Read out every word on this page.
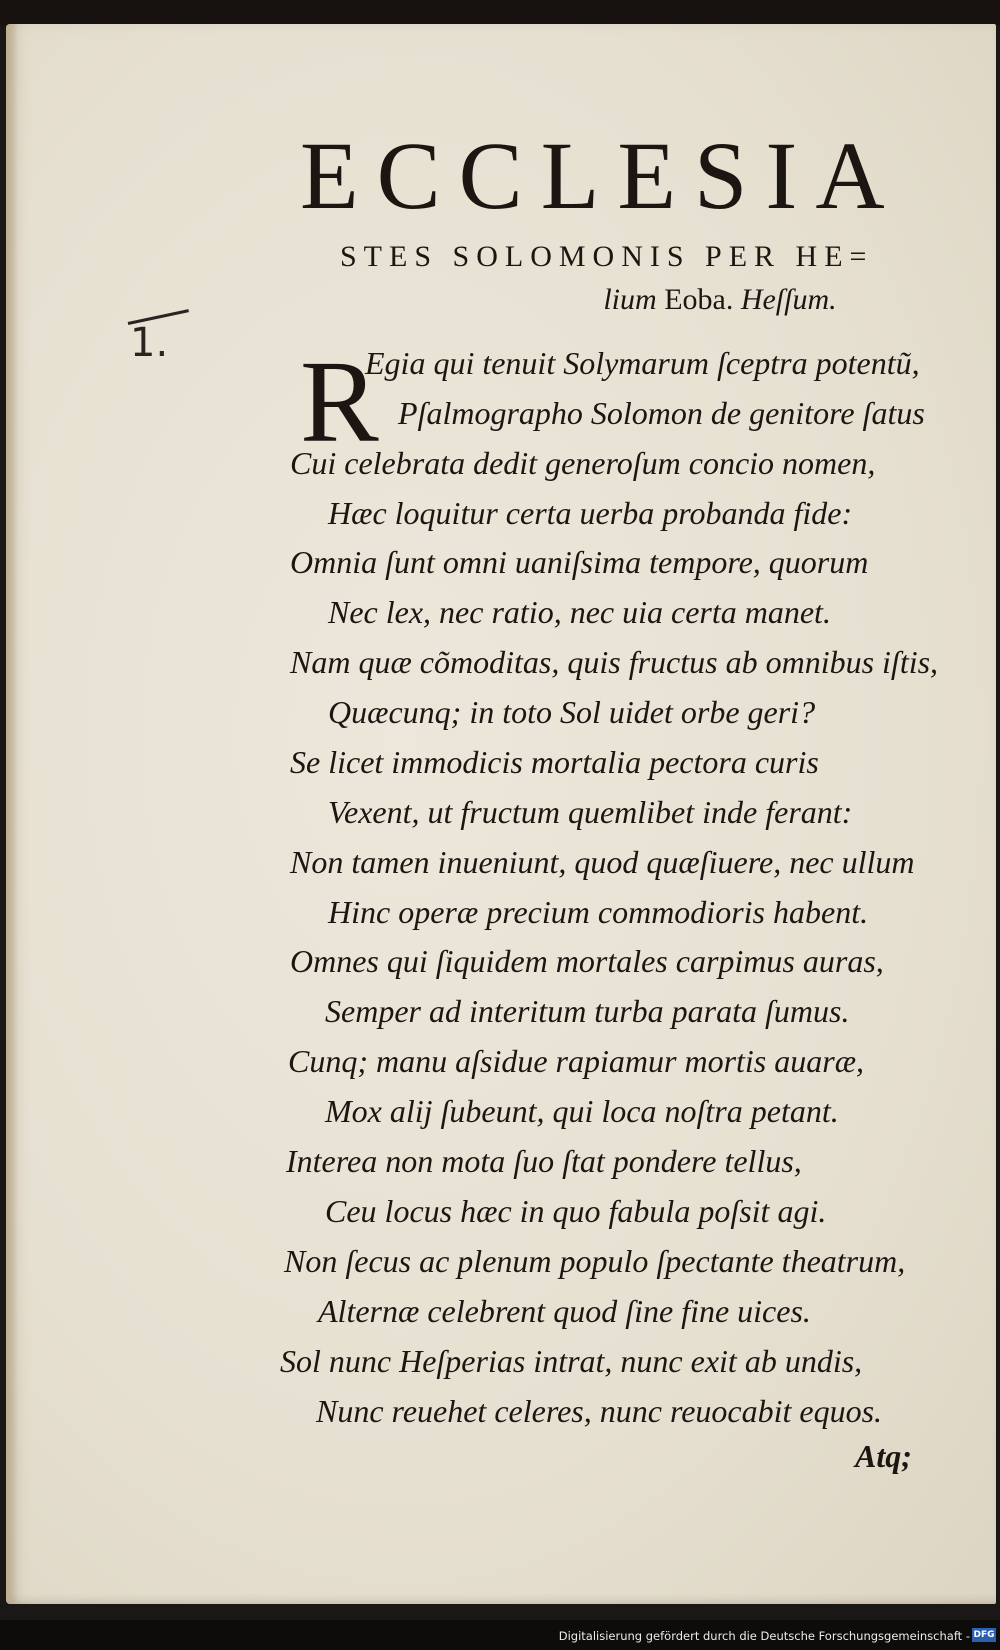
ECCLESIA
STES SOLOMONIS PER HE=
lium Eoba. Heſſum.
1. R
Egia qui tenuit Solymarum ſceptra potentũ,
Pſalmographo Solomon de genitore ſatus
Cui celebrata dedit generoſum concio nomen,
Hæc loquitur certa uerba probanda fide:
Omnia ſunt omni uaniſsima tempore, quorum
Nec lex, nec ratio, nec uia certa manet.
Nam quæ cõmoditas, quis fructus ab omnibus iſtis,
Quæcunq; in toto Sol uidet orbe geri?
Se licet immodicis mortalia pectora curis
Vexent, ut fructum quemlibet inde ferant:
Non tamen inueniunt, quod quæſiuere, nec ullum
Hinc operæ precium commodioris habent.
Omnes qui ſiquidem mortales carpimus auras,
Semper ad interitum turba parata ſumus.
Cunq; manu aſsidue rapiamur mortis auaræ,
Mox alij ſubeunt, qui loca noſtra petant.
Interea non mota ſuo ſtat pondere tellus,
Ceu locus hæc in quo fabula poſsit agi.
Non ſecus ac plenum populo ſpectante theatrum,
Alternæ celebrent quod ſine fine uices.
Sol nunc Heſperias intrat, nunc exit ab undis,
Nunc reuehet celeres, nunc reuocabit equos.
Atq;
Digitalisierung gefördert durch die Deutsche Forschungsgemeinschaft - DFG
